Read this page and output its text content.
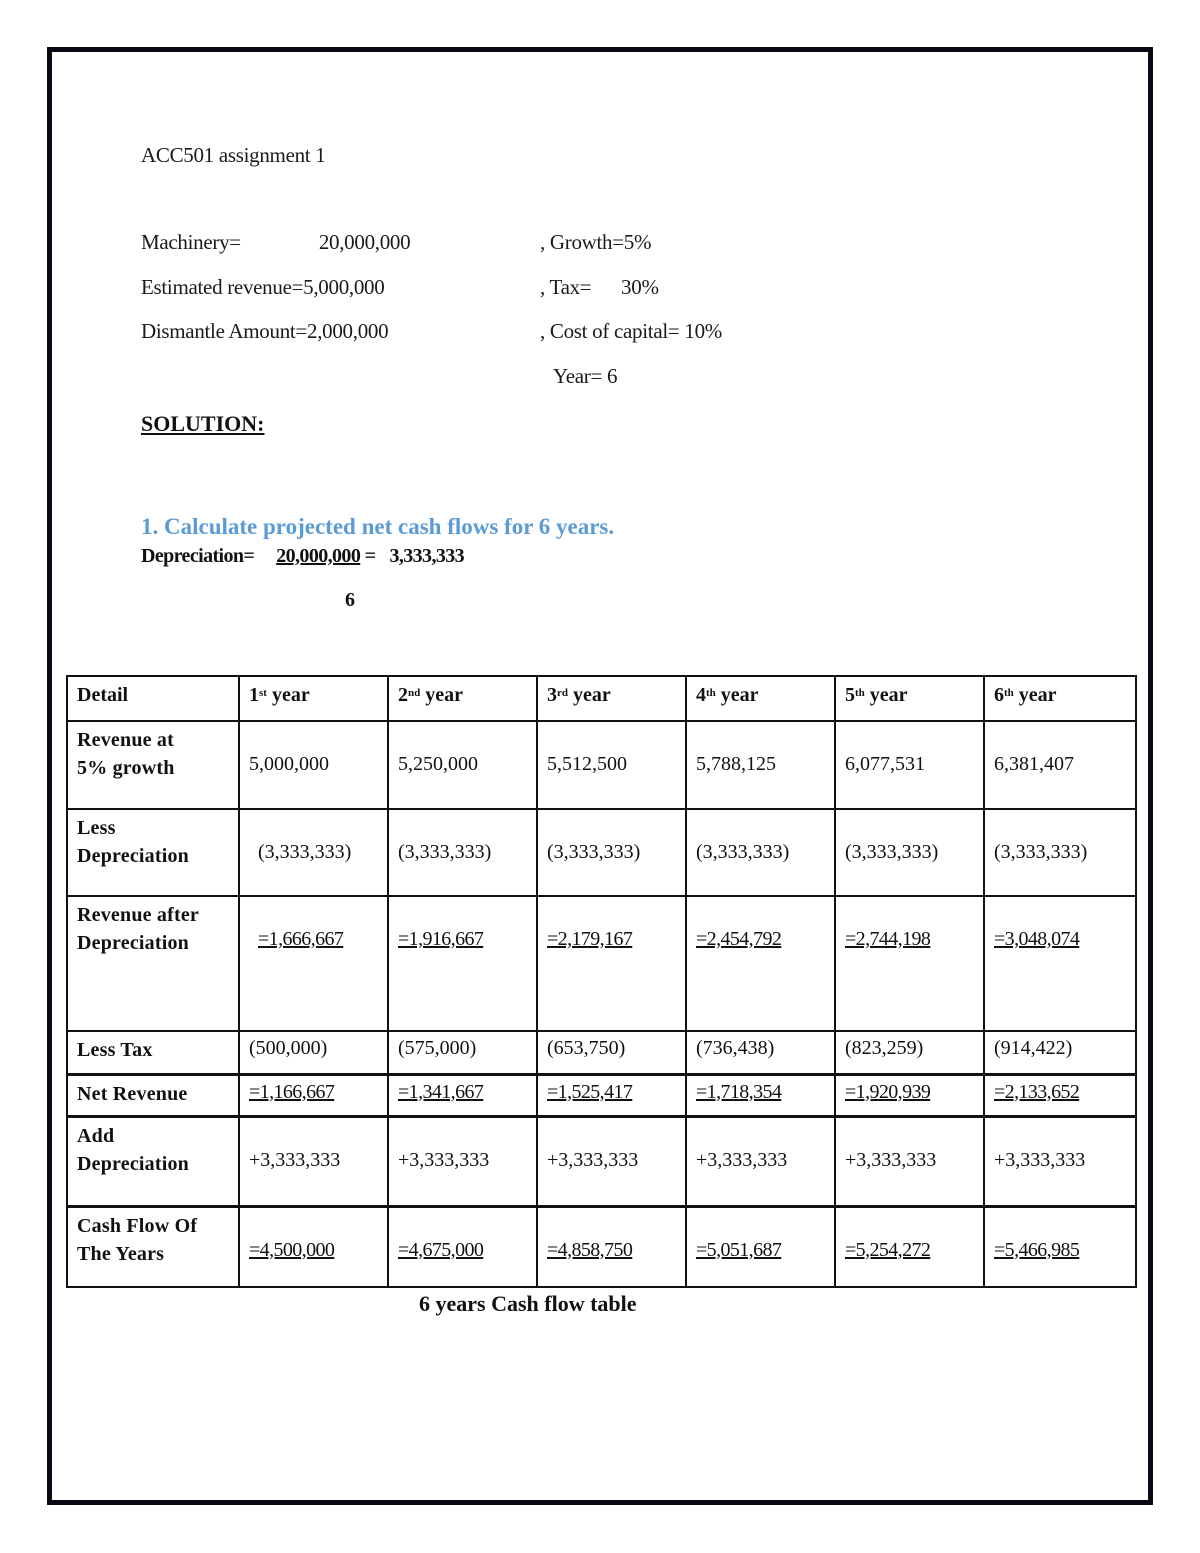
ACC501 assignment 1
Machinery=	20,000,000
Estimated revenue=5,000,000
Dismantle Amount=2,000,000
, Growth=5%
, Tax=      30%
, Cost of capital= 10%
Year= 6
SOLUTION:
1. Calculate projected net cash flows for 6 years.
Depreciation= 20,000,000 = 3,333,333
6
Detail	1st year	2nd year	3rd year	4th year	5th year	6th year
Revenue at
5% growth	5,000,000	5,250,000	5,512,500	5,788,125	6,077,531	6,381,407
Less
Depreciation	(3,333,333)	(3,333,333)	(3,333,333)	(3,333,333)	(3,333,333)	(3,333,333)
Revenue after
Depreciation	=1,666,667	=1,916,667	=2,179,167	=2,454,792	=2,744,198	=3,048,074
Less Tax	(500,000)	(575,000)	(653,750)	(736,438)	(823,259)	(914,422)
Net Revenue	=1,166,667	=1,341,667	=1,525,417	=1,718,354	=1,920,939	=2,133,652
Add
Depreciation	+3,333,333	+3,333,333	+3,333,333	+3,333,333	+3,333,333	+3,333,333
Cash Flow Of
The Years	=4,500,000	=4,675,000	=4,858,750	=5,051,687	=5,254,272	=5,466,985
6 years Cash flow table
